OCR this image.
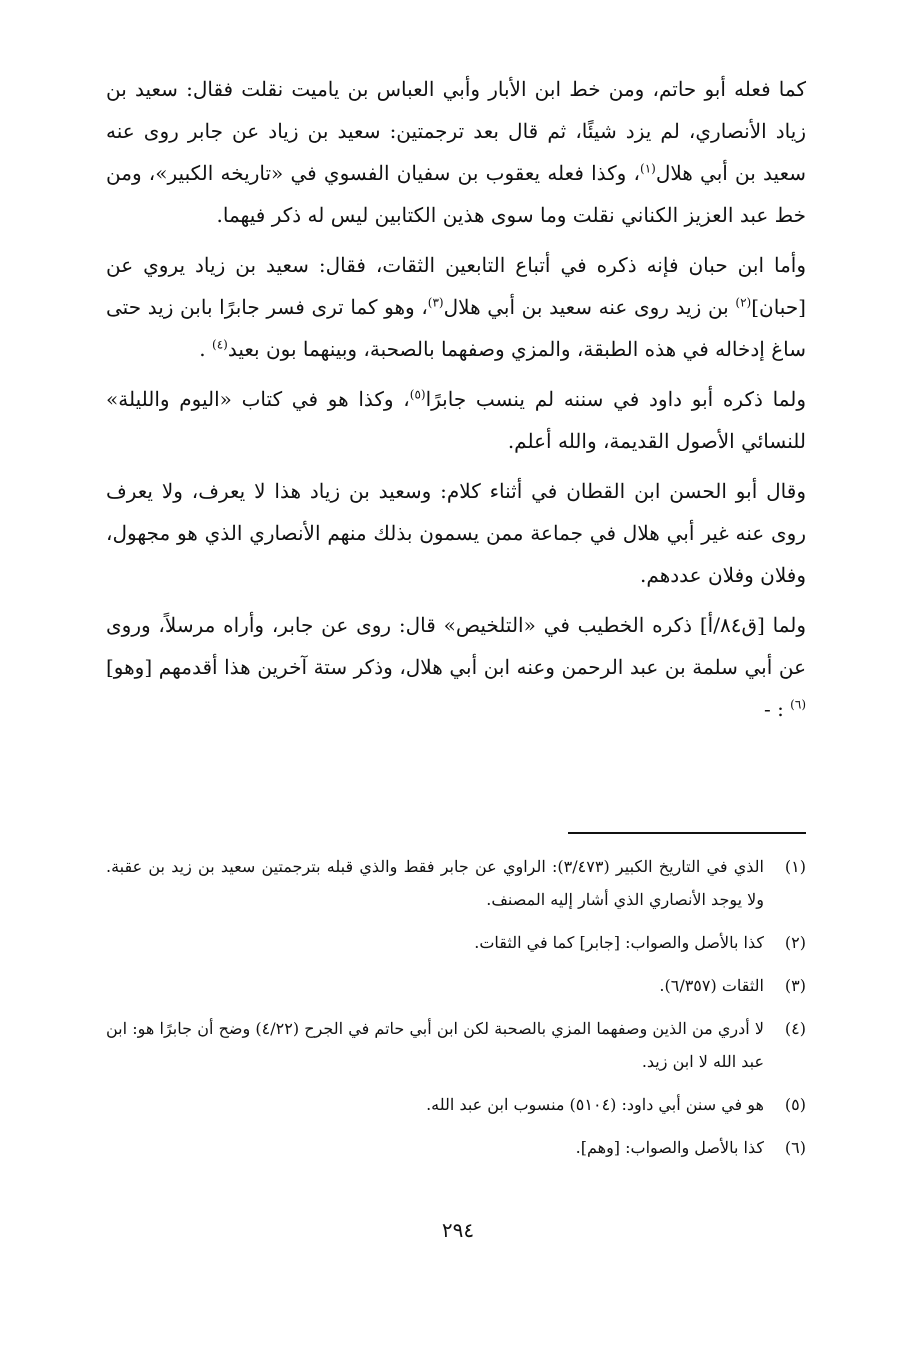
كما فعله أبو حاتم، ومن خط ابن الأبار وأبي العباس بن ياميت نقلت فقال: سعيد بن زياد الأنصاري، لم يزد شيئًا، ثم قال بعد ترجمتين: سعيد بن زياد عن جابر روى عنه سعيد بن أبي هلال$^{(١)}$، وكذا فعله يعقوب بن سفيان الفسوي في «تاريخه الكبير»، ومن خط عبد العزيز الكناني نقلت وما سوى هذين الكتابين ليس له ذكر فيهما.

وأما ابن حبان فإنه ذكره في أتباع التابعين الثقات، فقال: سعيد بن زياد يروي عن [حبان]$^{(٢)}$ بن زيد روى عنه سعيد بن أبي هلال$^{(٣)}$، وهو كما ترى فسر جابرًا بابن زيد حتى ساغ إدخاله في هذه الطبقة، والمزي وصفهما بالصحبة، وبينهما بون بعيد$^{(٤)}$ .

ولما ذكره أبو داود في سننه لم ينسب جابرًا$^{(٥)}$، وكذا هو في كتاب «اليوم والليلة» للنسائي الأصول القديمة، والله أعلم.

وقال أبو الحسن ابن القطان في أثناء كلام: وسعيد بن زياد هذا لا يعرف، ولا يعرف روى عنه غير أبي هلال في جماعة ممن يسمون بذلك منهم الأنصاري الذي هو مجهول، وفلان وفلان عددهم.

ولما [ق٨٤/أ] ذكره الخطيب في «التلخيص» قال: روى عن جابر، وأراه مرسلاً، وروى عن أبي سلمة بن عبد الرحمن وعنه ابن أبي هلال، وذكر ستة آخرين هذا أقدمهم [وهو]$^{(٦)}$ : -

(١)
الذي في التاريخ الكبير (٣/٤٧٣): الراوي عن جابر فقط والذي قبله بترجمتين سعيد بن زيد بن عقبة. ولا يوجد الأنصاري الذي أشار إليه المصنف.
(٢)
كذا بالأصل والصواب: [جابر] كما في الثقات.
(٣)
الثقات (٦/٣٥٧).
(٤)
لا أدري من الذين وصفهما المزي بالصحبة لكن ابن أبي حاتم في الجرح (٤/٢٢) وضح أن جابرًا هو: ابن عبد الله لا ابن زيد.
(٥)
هو في سنن أبي داود: (٥١٠٤) منسوب ابن عبد الله.
(٦)
كذا بالأصل والصواب: [وهم].
٢٩٤
